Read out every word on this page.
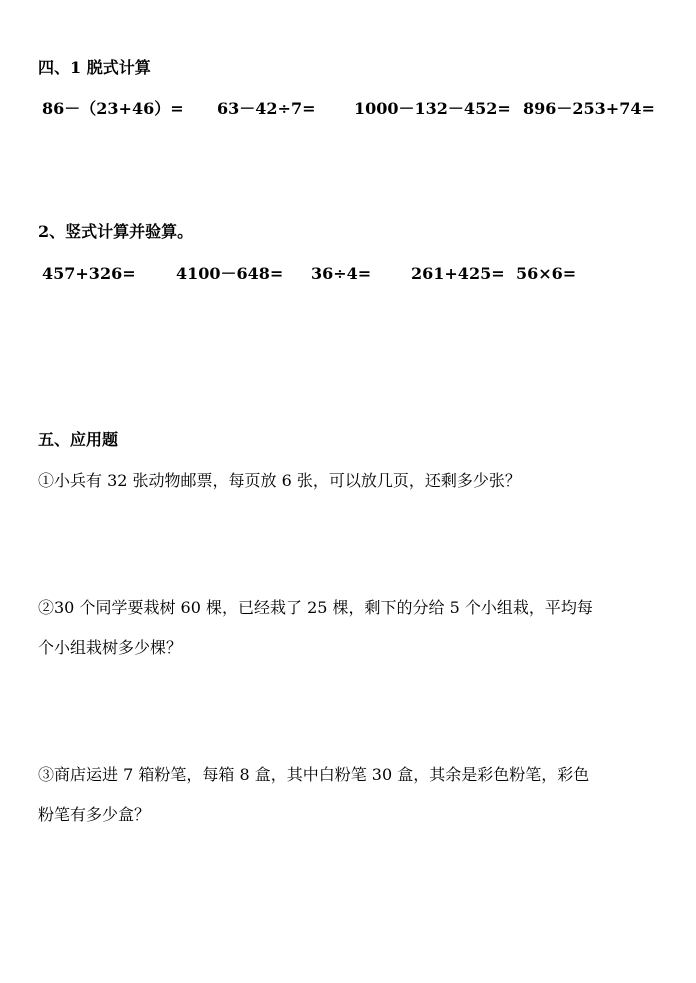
四、1 脱式计算
86－（23+46）= 63－42÷7= 1000－132－452= 896－253+74=
2、竖式计算并验算。
457+326=	4100－648= 36÷4= 261+425= 56×6=
五、应用题
①小兵有 32 张动物邮票，每页放 6 张，可以放几页，还剩多少张？
②30 个同学要栽树 60 棵，已经栽了 25 棵，剩下的分给 5 个小组栽，平均每
个小组栽树多少棵？
③商店运进 7 箱粉笔，每箱 8 盒，其中白粉笔 30 盒，其余是彩色粉笔，彩色
粉笔有多少盒？
